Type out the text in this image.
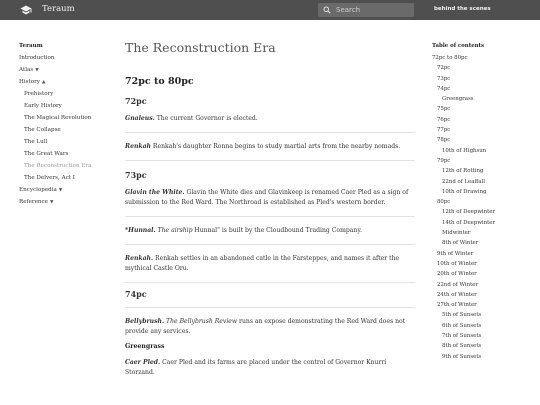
Teraum
Search	behind the scenes
Teraum
Introduction
Atlas ▼
History ▲
Prehistory
Early History
The Magical Revolution
The Collapse
The Lull
The Great Wars
The Reconstruction Era
The Delvers, Act I
Encyclopedia ▼
Reference ▼
The Reconstruction Era
72pc to 80pc
72pc

Gnaleus. The current Governor is elected.

Renkah Renkah's daughter Ronna begins to study martial arts from the nearby nomads.

73pc

Glavin the White. Glavin the White dies and Glavinkeep is renamed Caer Pled as a sign of submission to the Red Ward. The Northroad is established as Pled's western border.

*Hunnal. The airship Hunnal" is built by the Cloudbound Trading Company.

Renkah. Renkah settles in an abandoned catle in the Farsteppes, and names it after the mythical Castle Oru.

74pc

Bellybrush. The Bellybrush Review runs an expose demonstrating the Red Ward does not provide any services.

Greengrass

Caer Pled. Caer Pled and its farms are placed under the control of Governor Knurri Storzand.

Table of contents
72pc to 80pc
72pc
73pc
74pc
Greengrass
75pc
76pc
77pc
78pc
10th of Highsun
79pc
12th of Rotting
22nd of Leaffall
10th of Drawing
80pc
12th of Deepwinter
14th of Deepwinter
Midwinter
8th of Winter
9th of Winter
10th of Winter
20th of Winter
22nd of Winter
24th of Winter
27th of Winter
5th of Sunsets
6th of Sunsets
7th of Sunsets
8th of Sunsets
9th of Sunsets
